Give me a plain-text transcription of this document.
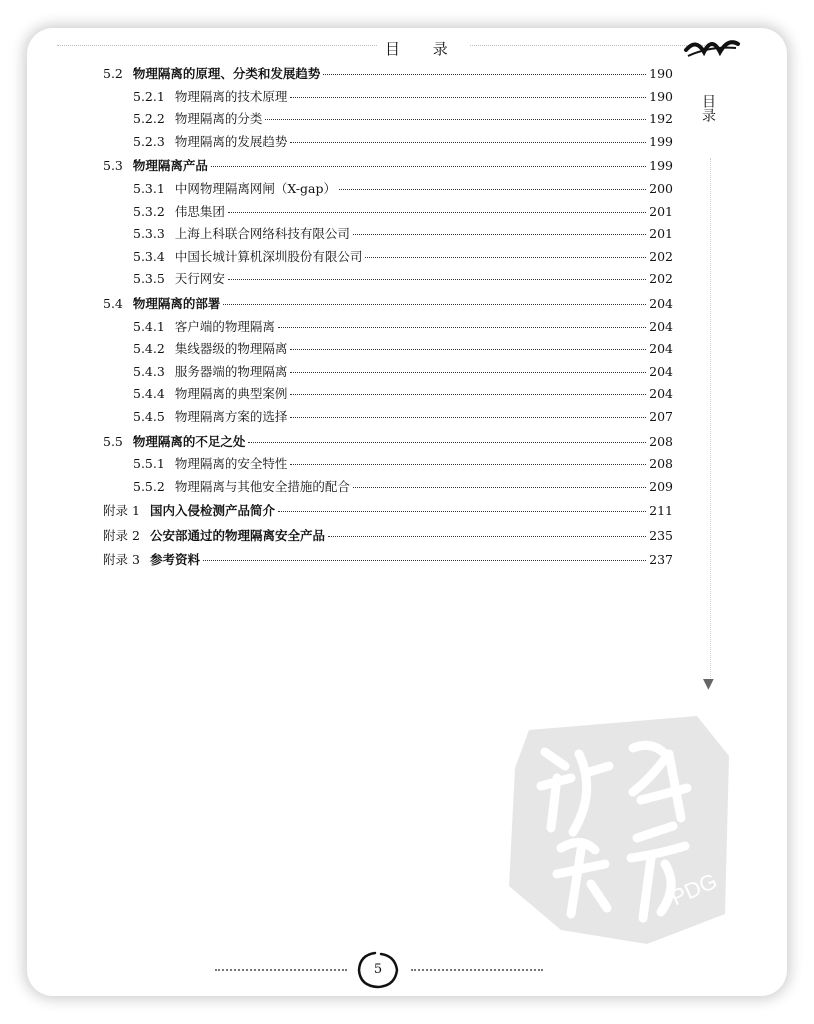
目 录
目录
▼
5.2 物理隔离的原理、分类和发展趋势	190
5.2.1 物理隔离的技术原理	190
5.2.2 物理隔离的分类	192
5.2.3 物理隔离的发展趋势	199
5.3 物理隔离产品	199
5.3.1 中网物理隔离网闸（X-gap）	200
5.3.2 伟思集团	201
5.3.3 上海上科联合网络科技有限公司	201
5.3.4 中国长城计算机深圳股份有限公司	202
5.3.5 天行网安	202
5.4 物理隔离的部署	204
5.4.1 客户端的物理隔离	204
5.4.2 集线器级的物理隔离	204
5.4.3 服务器端的物理隔离	204
5.4.4 物理隔离的典型案例	204
5.4.5 物理隔离方案的选择	207
5.5 物理隔离的不足之处	208
5.5.1 物理隔离的安全特性	208
5.5.2 物理隔离与其他安全措施的配合	209
附录 1 国内入侵检测产品简介	211
附录 2 公安部通过的物理隔离安全产品	235
附录 3 参考资料	237
PDG
5
